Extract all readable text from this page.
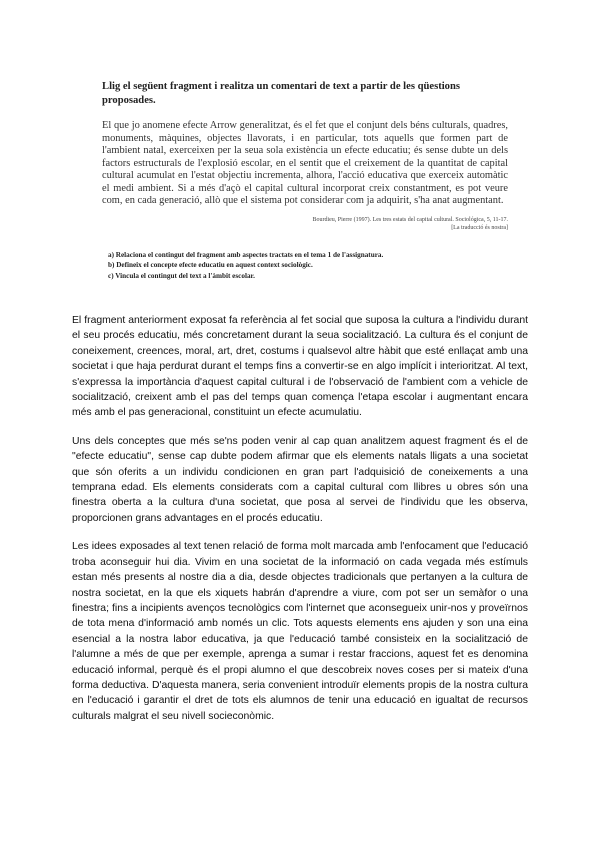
Llig el següent fragment i realitza un comentari de text a partir de les qüestions proposades.

El que jo anomene efecte Arrow generalitzat, és el fet que el conjunt dels béns culturals, quadres, monuments, màquines, objectes llavorats, i en particular, tots aquells que formen part de l'ambient natal, exerceixen per la seua sola existència un efecte educatiu; és sense dubte un dels factors estructurals de l'explosió escolar, en el sentit que el creixement de la quantitat de capital cultural acumulat en l'estat objectiu incrementa, alhora, l'acció educativa que exerceix automàtic el medi ambient. Si a més d'açò el capital cultural incorporat creix constantment, es pot veure com, en cada generació, allò que el sistema pot considerar com ja adquirit, s'ha anat augmentant.

Bourdieu, Pierre (1997). Les tres estats del capital cultural. Sociológica, 5, 11-17.
[La traducció és nostra]
a) Relaciona el contingut del fragment amb aspectes tractats en el tema 1 de l'assignatura.
b) Defineix el concepte efecte educatiu en aquest context sociològic.
c) Vincula el contingut del text a l'àmbit escolar.

El fragment anteriorment exposat fa referència al fet social que suposa la cultura a l'individu durant el seu procés educatiu, més concretament durant la seua socialització. La cultura és el conjunt de coneixement, creences, moral, art, dret, costums i qualsevol altre hàbit que esté enllaçat amb una societat i que haja perdurat durant el temps fins a convertir-se en algo implícit i interioritzat. Al text, s'expressa la importància d'aquest capital cultural i de l'observació de l'ambient com a vehicle de socialització, creixent amb el pas del temps quan comença l'etapa escolar i augmentant encara més amb el pas generacional, constituint un efecte acumulatiu.

Uns dels conceptes que més se'ns poden venir al cap quan analitzem aquest fragment és el de "efecte educatiu", sense cap dubte podem afirmar que els elements natals lligats a una societat que són oferits a un individu condicionen en gran part l'adquisició de coneixements a una temprana edad. Els elements considerats com a capital cultural com llibres u obres són una finestra oberta a la cultura d'una societat, que posa al servei de l'individu que les observa, proporcionen grans advantages en el procés educatiu.

Les idees exposades al text tenen relació de forma molt marcada amb l'enfocament que l'educació troba aconseguir hui dia. Vivim en una societat de la informació on cada vegada més estímuls estan més presents al nostre dia a dia, desde objectes tradicionals que pertanyen a la cultura de nostra societat, en la que els xiquets habrán d'aprendre a viure, com pot ser un semàfor o una finestra; fins a incipients avenços tecnològics com l'internet que aconsegueix unir-nos y proveïrnos de tota mena d'informació amb només un clic. Tots aquests elements ens ajuden y son una eina esencial a la nostra labor educativa, ja que l'educació també consisteix en la socialització de l'alumne a més de que per exemple, aprenga a sumar i restar fraccions, aquest fet es denomina educació informal, perquè és el propi alumno el que descobreix noves coses per si mateix d'una forma deductiva. D'aquesta manera, seria convenient introduïr elements propis de la nostra cultura en l'educació i garantir el dret de tots els alumnos de tenir una educació en igualtat de recursos culturals malgrat el seu nivell socieconòmic.
